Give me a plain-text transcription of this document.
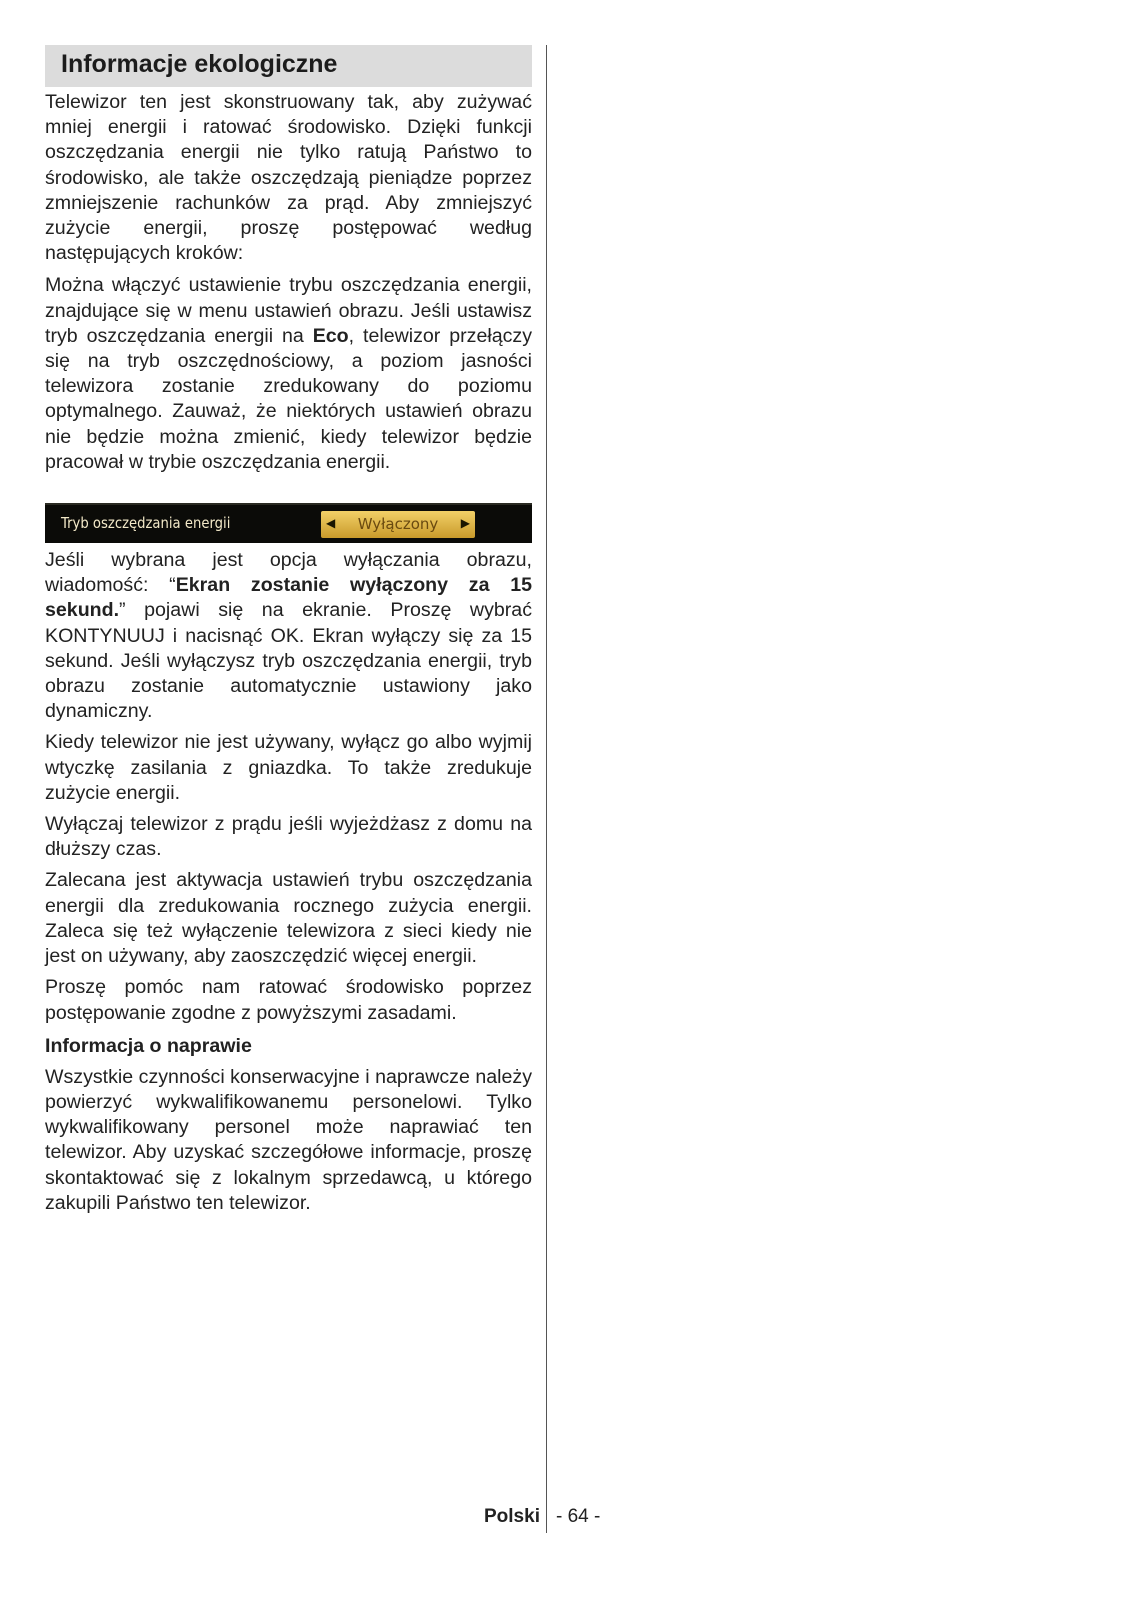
Informacje ekologiczne

Telewizor ten jest skonstruowany tak, aby zużywać mniej energii i ratować środowisko. Dzięki funkcji oszczędzania energii nie tylko ratują Państwo to środowisko, ale także oszczędzają pieniądze poprzez zmniejszenie rachunków za prąd. Aby zmniejszyć zużycie energii, proszę postępować według następujących kroków:

Można włączyć ustawienie trybu oszczędzania energii, znajdujące się w menu ustawień obrazu. Jeśli ustawisz tryb oszczędzania energii na Eco, telewizor przełączy się na tryb oszczędnościowy, a poziom jasności telewizora zostanie zredukowany do poziomu optymalnego. Zauważ, że niektórych ustawień obrazu nie będzie można zmienić, kiedy telewizor będzie pracował w trybie oszczędzania energii.

Tryb oszczędzania energii	◀	Wyłączony	▶

Jeśli wybrana jest opcja wyłączania obrazu, wiadomość: “Ekran zostanie wyłączony za 15 sekund.” pojawi się na ekranie. Proszę wybrać KONTYNUUJ i nacisnąć OK. Ekran wyłączy się za 15 sekund. Jeśli wyłączysz tryb oszczędzania energii, tryb obrazu zostanie automatycznie ustawiony jako dynamiczny.

Kiedy telewizor nie jest używany, wyłącz go albo wyjmij wtyczkę zasilania z gniazdka. To także zredukuje zużycie energii.

Wyłączaj telewizor z prądu jeśli wyjeżdżasz z domu na dłuższy czas.

Zalecana jest aktywacja ustawień trybu oszczędzania energii dla zredukowania rocznego zużycia energii. Zaleca się też wyłączenie telewizora z sieci kiedy nie jest on używany, aby zaoszczędzić więcej energii.

Proszę pomóc nam ratować środowisko poprzez postępowanie zgodne z powyższymi zasadami.

Informacja o naprawie

Wszystkie czynności konserwacyjne i naprawcze należy powierzyć wykwalifikowanemu personelowi. Tylko wykwalifikowany personel może naprawiać ten telewizor. Aby uzyskać szczegółowe informacje, proszę skontaktować się z lokalnym sprzedawcą, u którego zakupili Państwo ten telewizor.

Polski - 64 -
